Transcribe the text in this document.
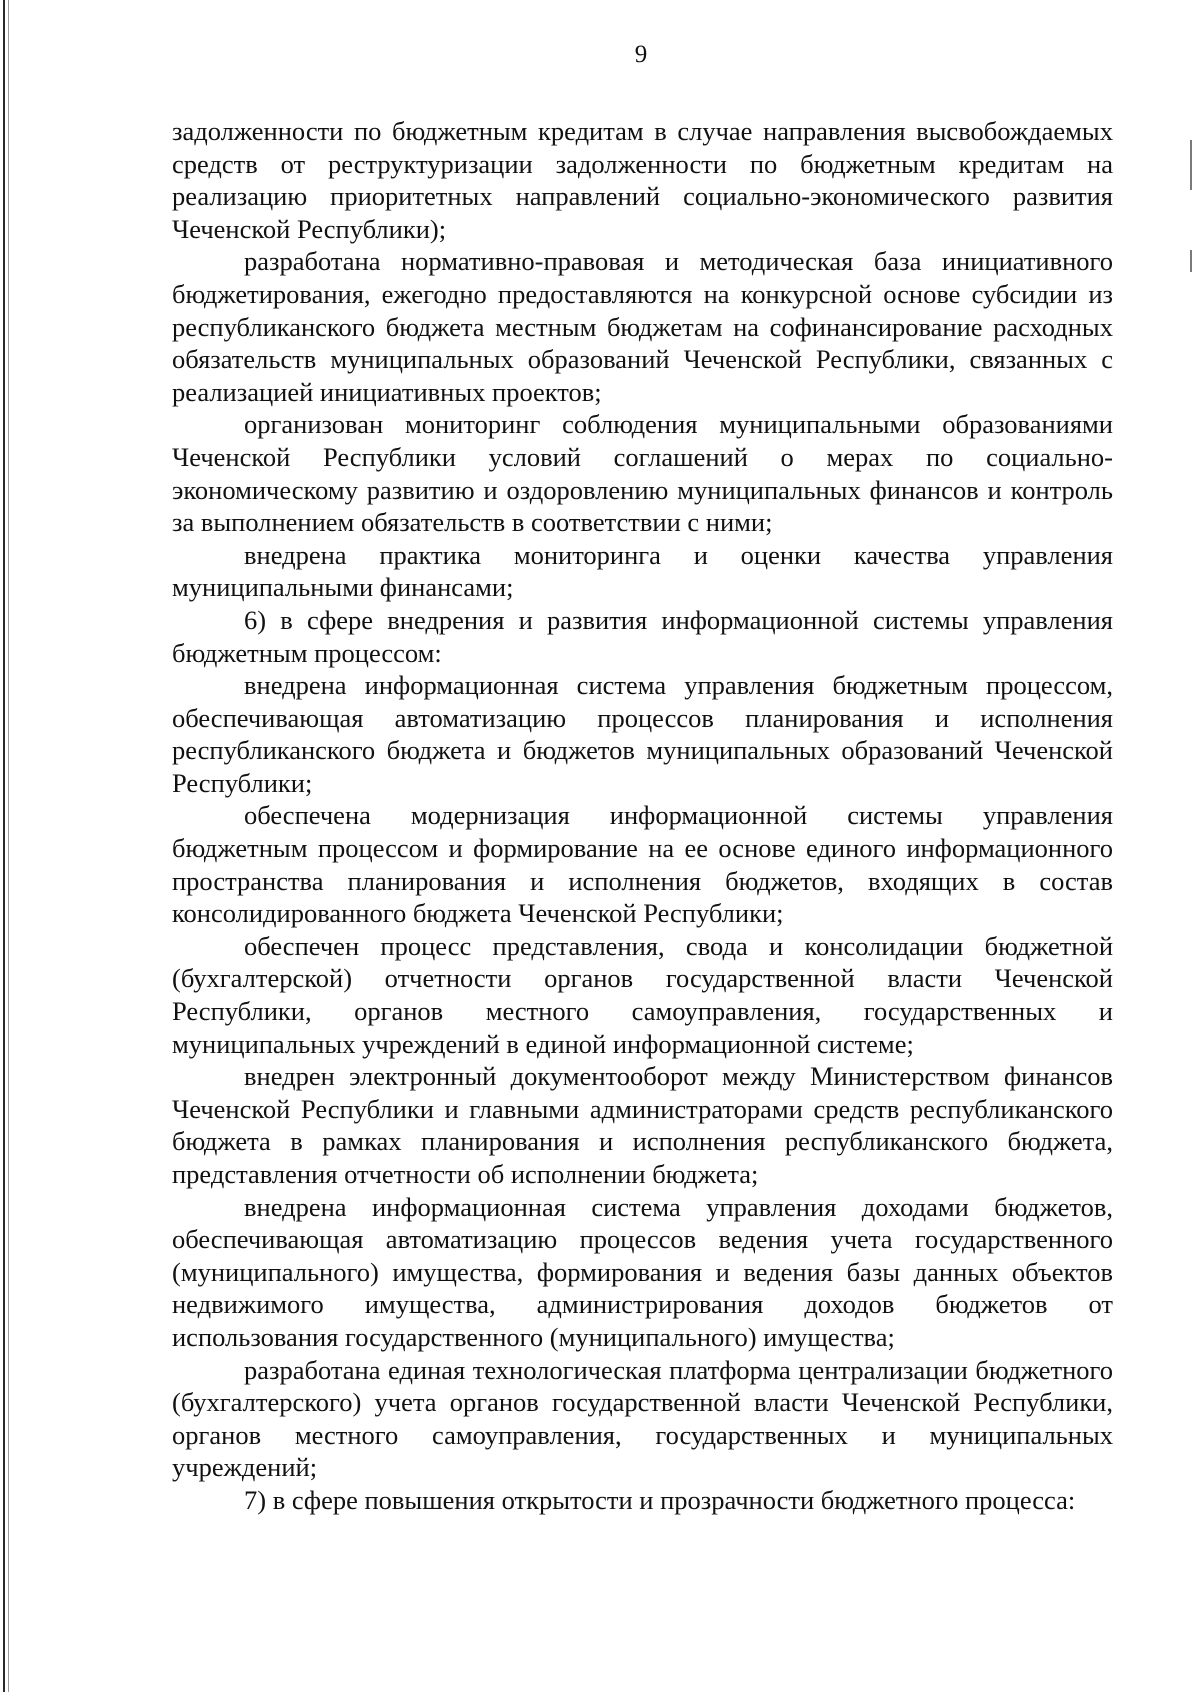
9

задолженности по бюджетным кредитам в случае направления высвобождаемых средств от реструктуризации задолженности по бюджетным кредитам на реализацию приоритетных направлений социально-экономического развития Чеченской Республики);

разработана нормативно-правовая и методическая база инициативного бюджетирования, ежегодно предоставляются на конкурсной основе субсидии из республиканского бюджета местным бюджетам на софинансирование расходных обязательств муниципальных образований Чеченской Республики, связанных с реализацией инициативных проектов;

организован мониторинг соблюдения муниципальными образованиями Чеченской Республики условий соглашений о мерах по социально-экономическому развитию и оздоровлению муниципальных финансов и контроль за выполнением обязательств в соответствии с ними;

внедрена практика мониторинга и оценки качества управления муниципальными финансами;

6) в сфере внедрения и развития информационной системы управления бюджетным процессом:

внедрена информационная система управления бюджетным процессом, обеспечивающая автоматизацию процессов планирования и исполнения республиканского бюджета и бюджетов муниципальных образований Чеченской Республики;

обеспечена модернизация информационной системы управления бюджетным процессом и формирование на ее основе единого информационного пространства планирования и исполнения бюджетов, входящих в состав консолидированного бюджета Чеченской Республики;

обеспечен процесс представления, свода и консолидации бюджетной (бухгалтерской) отчетности органов государственной власти Чеченской Республики, органов местного самоуправления, государственных и муниципальных учреждений в единой информационной системе;

внедрен электронный документооборот между Министерством финансов Чеченской Республики и главными администраторами средств республиканского бюджета в рамках планирования и исполнения республиканского бюджета, представления отчетности об исполнении бюджета;

внедрена информационная система управления доходами бюджетов, обеспечивающая автоматизацию процессов ведения учета государственного (муниципального) имущества, формирования и ведения базы данных объектов недвижимого имущества, администрирования доходов бюджетов от использования государственного (муниципального) имущества;

разработана единая технологическая платформа централизации бюджетного (бухгалтерского) учета органов государственной власти Чеченской Республики, органов местного самоуправления, государственных и муниципальных учреждений;

7) в сфере повышения открытости и прозрачности бюджетного процесса:
